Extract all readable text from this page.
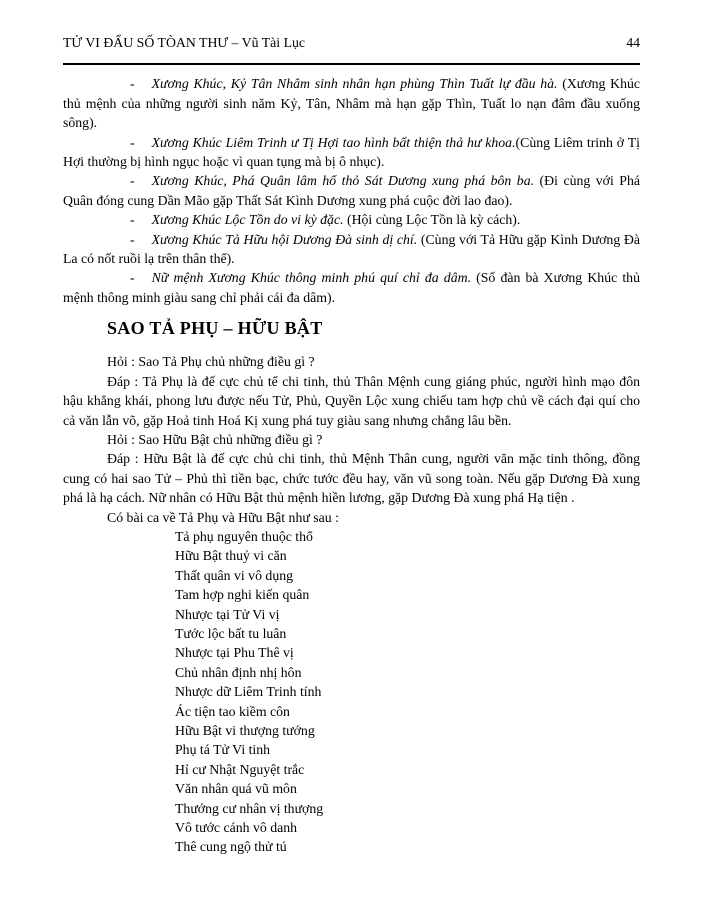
TỬ VI ĐẨU SỐ TÒAN THƯ – Vũ Tài Lục	44

- Xương Khúc, Kỷ Tân Nhâm sinh nhân hạn phùng Thìn Tuất lự đầu hà. (Xương Khúc thủ mệnh của những người sinh năm Kỷ, Tân, Nhâm mà hạn gặp Thìn, Tuất lo nạn đâm đầu xuống sông).

- Xương Khúc Liêm Trinh ư Tị Hợi tao hình bất thiện thả hư khoa.(Cùng Liêm trinh ở Tị Hợi thường bị hình ngục hoặc vì quan tụng mà bị ô nhục).

- Xương Khúc, Phá Quân lâm hổ thỏ Sát Dương xung phá bôn ba. (Đi cùng với Phá Quân đóng cung Dần Mão gặp Thất Sát Kình Dương xung phá cuộc đời lao đao).

- Xương Khúc Lộc Tồn do vi kỳ đặc. (Hội cùng Lộc Tồn là kỳ cách).

- Xương Khúc Tả Hữu hội Dương Đà sinh dị chí. (Cùng với Tả Hữu gặp Kình Dương Đà La có nốt ruồi lạ trên thân thể).

- Nữ mệnh Xương Khúc thông minh phú quí chỉ đa dâm. (Số đàn bà Xương Khúc thủ mệnh thông minh giàu sang chỉ phải cái đa dâm).

SAO TẢ PHỤ – HỮU BẬT

Hỏi : Sao Tả Phụ chủ những điều gì ?

Đáp : Tả Phụ là đế cực chủ tể chi tinh, thủ Thân Mệnh cung giáng phúc, người hình mạo đôn hậu khẳng khái, phong lưu được nếu Tử, Phủ, Quyền Lộc xung chiếu tam hợp chủ về cách đại quí cho cả văn lẫn võ, gặp Hoả tinh Hoá Kị xung phá tuy giàu sang nhưng chẳng lâu bền.

Hỏi : Sao Hữu Bật chủ những điều gì ?

Đáp : Hữu Bật là đế cực chủ chi tinh, thủ Mệnh Thân cung, người văn mặc tinh thông, đồng cung có hai sao Tử – Phủ thì tiền bạc, chức tước đều hay, văn vũ song toàn. Nếu gặp Dương Đà xung phá là hạ cách. Nữ nhân có Hữu Bật thủ mệnh hiền lương, gặp Dương Đà xung phá Hạ tiện .

Có bài ca về Tả Phụ và Hữu Bật như sau :

Tả phụ nguyên thuộc thổ
Hữu Bật thuỷ vi căn
Thất quân vi vô dụng
Tam hợp nghi kiến quân
Nhược tại Tử Vi vị
Tước lộc bất tu luân
Nhược tại Phu Thê vị
Chủ nhân định nhị hôn
Nhược dữ Liêm Trinh tính
Ác tiện tao kiềm côn
Hữu Bật vi thượng tướng
Phụ tá Tử Vi tinh
Hỉ cư Nhật Nguyệt trắc
Văn nhân quá vũ môn
Thướng cư nhân vị thượng
Vô tước cánh vô danh
Thê cung ngộ thử tú
